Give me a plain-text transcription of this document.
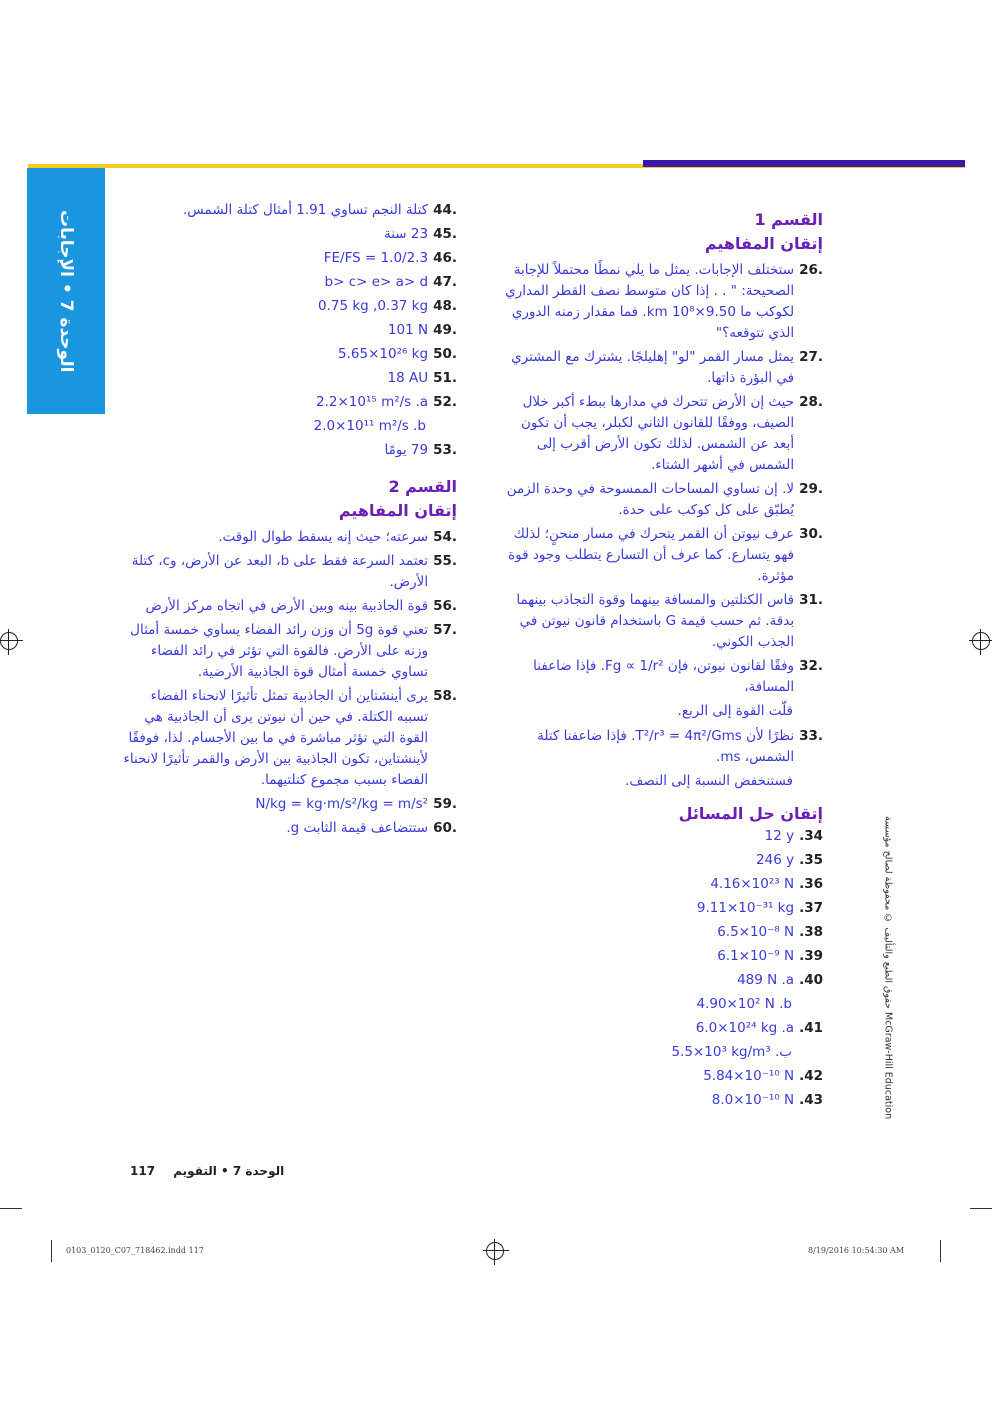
الوحدة 7 • الإجابات
القسم 1
إتقان المفاهيم
26.
ستختلف الإجابات. يمثل ما يلي نمطًا محتملاً للإجابة الصحيحة: " . . إذا كان متوسط نصف القطر المداري لكوكب ما 9.50×10⁸ km. فما مقدار زمنه الدوري الذي تتوقعه؟"
27.
يمثل مسار القمر "لو" إهليلجًا. يشترك مع المشتري في البؤرة ذاتها.
28.
حيث إن الأرض تتحرك في مدارها ببطء أكبر خلال الصيف، ووفقًا للقانون الثاني لكبلر، يجب أن تكون أبعد عن الشمس. لذلك تكون الأرض أقرب إلى الشمس في أشهر الشتاء.
29.
لا. إن تساوي المساحات الممسوحة في وحدة الزمن يُطبّق على كل كوكب على حدة.
30.
عرف نيوتن أن القمر يتحرك في مسار منحنٍ؛ لذلك فهو يتسارع. كما عرف أن التسارع يتطلب وجود قوة مؤثرة.
31.
قاس الكتلتين والمسافة بينهما وقوة التجاذب بينهما بدقة. ثم حسب قيمة G باستخدام قانون نيوتن في الجذب الكوني.
32.
وفقًا لقانون نيوتن، فإن Fg ∝ 1/r². فإذا ضاعفنا المسافة،
قلّت القوة إلى الربع.
33.
نظرًا لأن T²/r³ = 4π²/Gms. فإذا ضاعفنا كتلة الشمس، ms.
فستنخفض النسبة إلى النصف.
إتقان حل المسائل
.34
12 y
.35
246 y
.36
4.16×10²³ N
.37
9.11×10⁻³¹ kg
.38
6.5×10⁻⁸ N
.39
6.1×10⁻⁹ N
.40
489 N .a
4.90×10² N .b
.41
6.0×10²⁴ kg .a
5.5×10³ kg/m³ .ب
.42
5.84×10⁻¹⁰ N
.43
8.0×10⁻¹⁰ N
44.
كتلة النجم تساوي 1.91 أمثال كتلة الشمس.
45.
23 سنة
46.
FE/FS = 1.0/2.3
47.
b> c> e> a> d
48.
0.75 kg ,0.37 kg
49.
101 N
50.
5.65×10²⁶ kg
51.
18 AU
52.
2.2×10¹⁵ m²/s .a
2.0×10¹¹ m²/s .b
53.
79 يومًا
القسم 2
إتقان المفاهيم
54.
سرعته؛ حيث إنه يسقط طوال الوقت.
55.
تعتمد السرعة فقط على b، البعد عن الأرض، وc، كتلة الأرض.
56.
قوة الجاذبية بينه وبين الأرض في اتجاه مركز الأرض
57.
تعني قوة 5g أن وزن رائد الفضاء يساوي خمسة أمثال وزنه على الأرض. فالقوة التي تؤثر في رائد الفضاء تساوي خمسة أمثال قوة الجاذبية الأرضية.
58.
يرى أينشتاين أن الجاذبية تمثل تأثيرًا لانحناء الفضاء تسببه الكتلة. في حين أن نيوتن يرى أن الجاذبية هي القوة التي تؤثر مباشرة في ما بين الأجسام. لذا، فوفقًا لأينشتاين، تكون الجاذبية بين الأرض والقمر تأثيرًا لانحناء الفضاء بسبب مجموع كتلتيهما.
59.
N/kg = kg·m/s²/kg = m/s²
60.
ستتضاعف قيمة الثابت g.	حقوق الطبع والتأليف © محفوظة لصالح مؤسسة McGraw-Hill Education
117 الوحدة 7 • التقويم
0103_0120_C07_718462.indd 117	8/19/2016 10:54:30 AM
